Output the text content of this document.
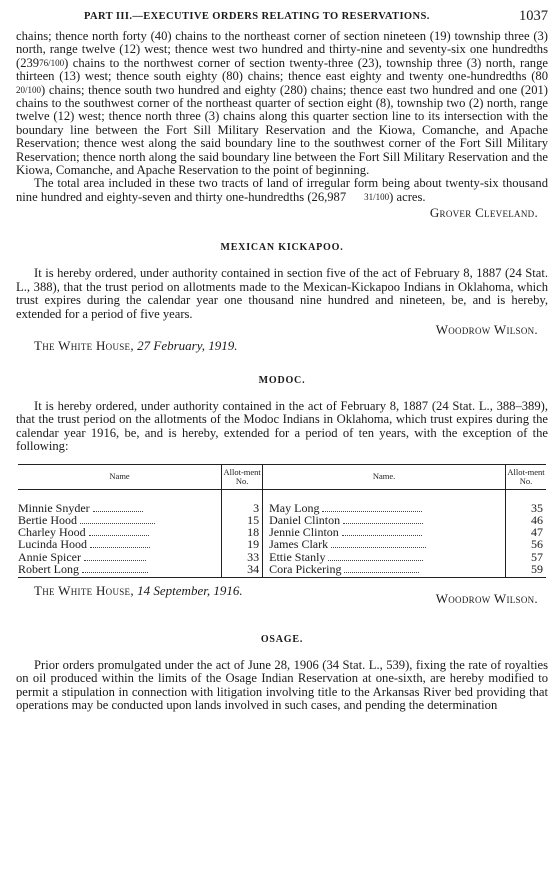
PART III.—EXECUTIVE ORDERS RELATING TO RESERVATIONS.	1037

chains; thence north forty (40) chains to the northeast corner of section nineteen (19) township three (3) north, range twelve (12) west; thence west two hundred and thirty-nine and seventy-six one hundredths (23976/100) chains to the northwest corner of section twenty-three (23), township three (3) north, range thirteen (13) west; thence south eighty (80) chains; thence east eighty and twenty one-hundredths (8020/100) chains; thence south two hundred and eighty (280) chains; thence east two hundred and one (201) chains to the southwest corner of the northeast quarter of section eight (8), township two (2) north, range twelve (12) west; thence north three (3) chains along this quarter section line to its intersection with the boundary line between the Fort Sill Military Reservation and the Kiowa, Comanche, and Apache Reservation; thence west along the said boundary line to the southwest corner of the Fort Sill Military Reservation; thence north along the said boundary line between the Fort Sill Military Reservation and the Kiowa, Comanche, and Apache Reservation to the point of beginning.

The total area included in these two tracts of land of irregular form being about twenty-six thousand nine hundred and eighty-seven and thirty one-hundredths (26,987 31/100) acres.

Grover Cleveland.

MEXICAN KICKAPOO.

It is hereby ordered, under authority contained in section five of the act of February 8, 1887 (24 Stat. L., 388), that the trust period on allotments made to the Mexican-Kickapoo Indians in Oklahoma, which trust expires during the calendar year one thousand nine hundred and nineteen, be, and is hereby, extended for a period of five years.

Woodrow Wilson.
The White House, 27 February, 1919.

MODOC.

It is hereby ordered, under authority contained in the act of February 8, 1887 (24 Stat. L., 388–389), that the trust period on the allotments of the Modoc Indians in Oklahoma, which trust expires during the calendar year 1916, be, and is hereby, extended for a period of ten years, with the exception of the following:

Name	Allot-ment No.	Name.	Allot-ment No.

Minnie Snyder	3	May Long	35
Bertie Hood	15	Daniel Clinton	46
Charley Hood	18	Jennie Clinton	47
Lucinda Hood	19	James Clark	56
Annie Spicer	33	Ettie Stanly	57
Robert Long	34	Cora Pickering	59
Woodrow Wilson.
The White House, 14 September, 1916.

OSAGE.

Prior orders promulgated under the act of June 28, 1906 (34 Stat. L., 539), fixing the rate of royalties on oil produced within the limits of the Osage Indian Reservation at one-sixth, are hereby modified to permit a stipulation in connection with litigation involving title to the Arkansas River bed providing that operations may be conducted upon lands involved in such cases, and pending the determination
